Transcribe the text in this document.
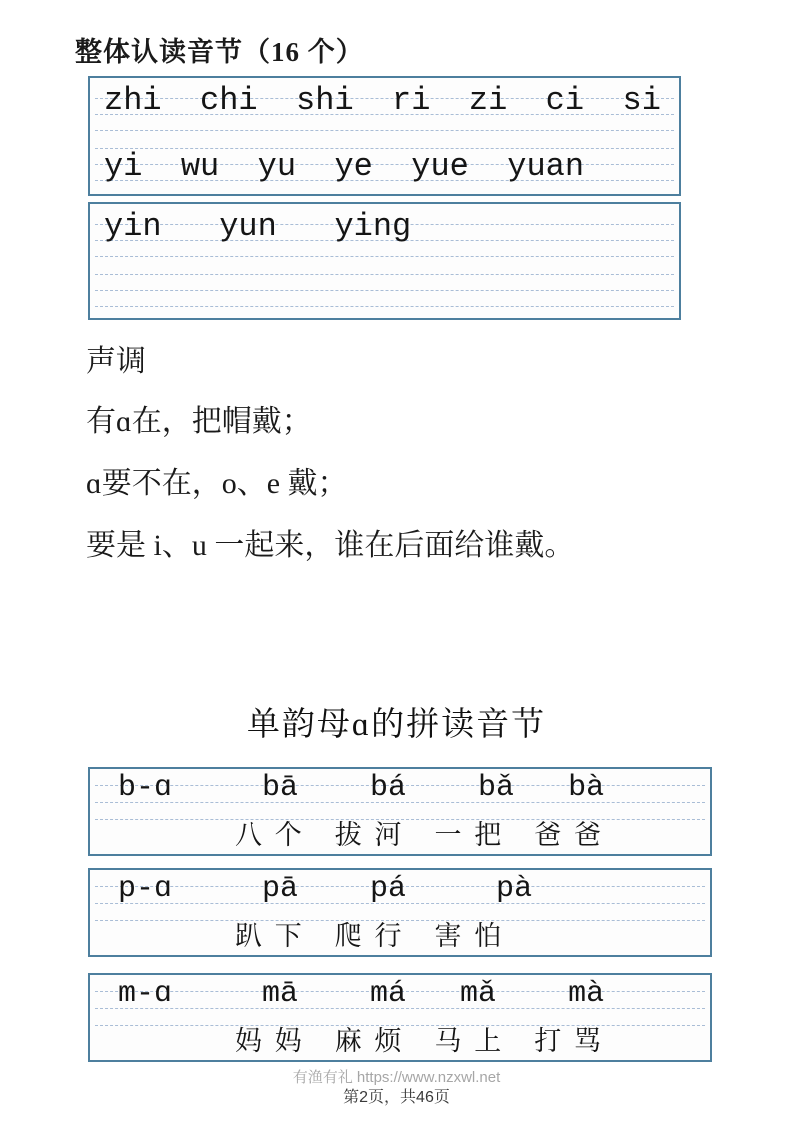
整体认读音节（16 个）
zhi  chi  shi  ri  zi  ci  si
yi  wu  yu  ye  yue  yuan
yin   yun   ying
声调
有ɑ在，把帽戴；
ɑ要不在，o、e 戴；
要是 i、u 一起来，谁在后面给谁戴。
单韵母ɑ的拼读音节
b-ɑ     bā    bá    bǎ   bà
八 个　拔 河　一 把　爸 爸
p-ɑ     pā    pá     pà
趴 下　爬 行　害 怕
m-ɑ     mā    má   mǎ    mà
妈 妈　麻 烦　马 上　打 骂
有渔有礼 https://www.nzxwl.net
第2页，共46页
